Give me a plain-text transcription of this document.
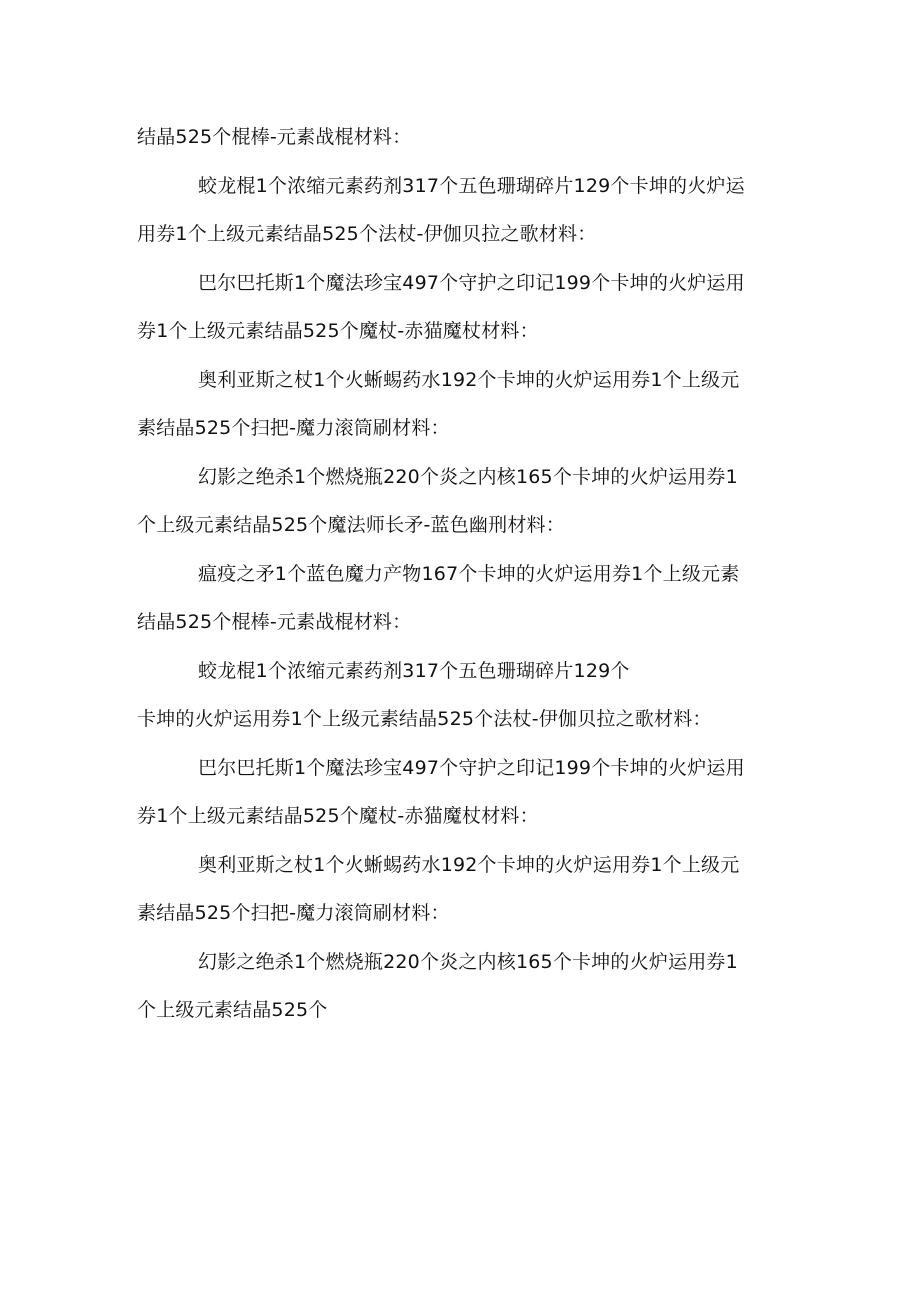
结晶525个棍棒-元素战棍材料：
蛟龙棍1个浓缩元素药剂317个五色珊瑚碎片129个卡坤的火炉运
用券1个上级元素结晶525个法杖-伊伽贝拉之歌材料：
巴尔巴托斯1个魔法珍宝497个守护之印记199个卡坤的火炉运用
券1个上级元素结晶525个魔杖-赤猫魔杖材料：
奥利亚斯之杖1个火蜥蜴药水192个卡坤的火炉运用券1个上级元
素结晶525个扫把-魔力滚筒刷材料：
幻影之绝杀1个燃烧瓶220个炎之内核165个卡坤的火炉运用券1
个上级元素结晶525个魔法师长矛-蓝色幽刑材料：
瘟疫之矛1个蓝色魔力产物167个卡坤的火炉运用券1个上级元素
结晶525个棍棒-元素战棍材料：
蛟龙棍1个浓缩元素药剂317个五色珊瑚碎片129个
卡坤的火炉运用券1个上级元素结晶525个法杖-伊伽贝拉之歌材料：
巴尔巴托斯1个魔法珍宝497个守护之印记199个卡坤的火炉运用
券1个上级元素结晶525个魔杖-赤猫魔杖材料：
奥利亚斯之杖1个火蜥蜴药水192个卡坤的火炉运用券1个上级元
素结晶525个扫把-魔力滚筒刷材料：
幻影之绝杀1个燃烧瓶220个炎之内核165个卡坤的火炉运用券1
个上级元素结晶525个
